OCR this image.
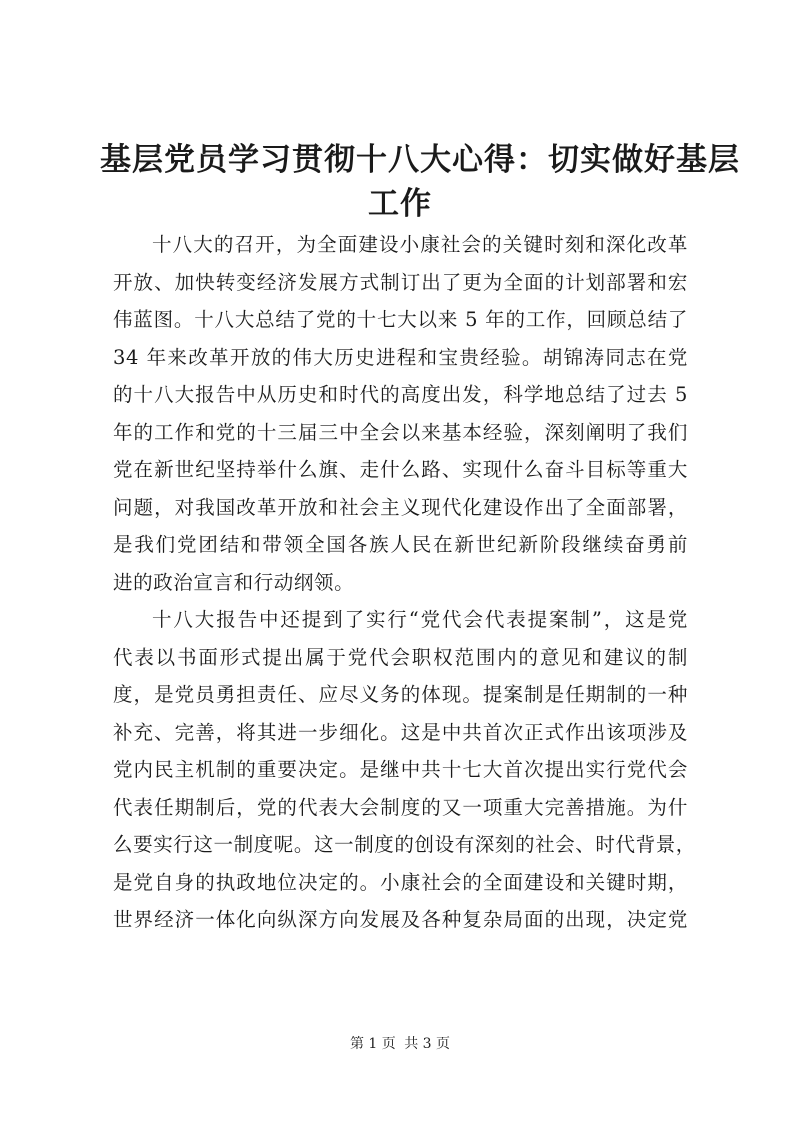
基层党员学习贯彻十八大心得：切实做好基层
工作

十八大的召开，为全面建设小康社会的关键时刻和深化改革
开放、加快转变经济发展方式制订出了更为全面的计划部署和宏
伟蓝图。十八大总结了党的十七大以来 5 年的工作，回顾总结了
34 年来改革开放的伟大历史进程和宝贵经验。胡锦涛同志在党
的十八大报告中从历史和时代的高度出发，科学地总结了过去 5
年的工作和党的十三届三中全会以来基本经验，深刻阐明了我们
党在新世纪坚持举什么旗、走什么路、实现什么奋斗目标等重大
问题，对我国改革开放和社会主义现代化建设作出了全面部署，
是我们党团结和带领全国各族人民在新世纪新阶段继续奋勇前
进的政治宣言和行动纲领。

十八大报告中还提到了实行“党代会代表提案制”，这是党
代表以书面形式提出属于党代会职权范围内的意见和建议的制
度，是党员勇担责任、应尽义务的体现。提案制是任期制的一种
补充、完善，将其进一步细化。这是中共首次正式作出该项涉及
党内民主机制的重要决定。是继中共十七大首次提出实行党代会
代表任期制后，党的代表大会制度的又一项重大完善措施。为什
么要实行这一制度呢。这一制度的创设有深刻的社会、时代背景，
是党自身的执政地位决定的。小康社会的全面建设和关键时期，
世界经济一体化向纵深方向发展及各种复杂局面的出现，决定党

第 1 页 共 3 页
